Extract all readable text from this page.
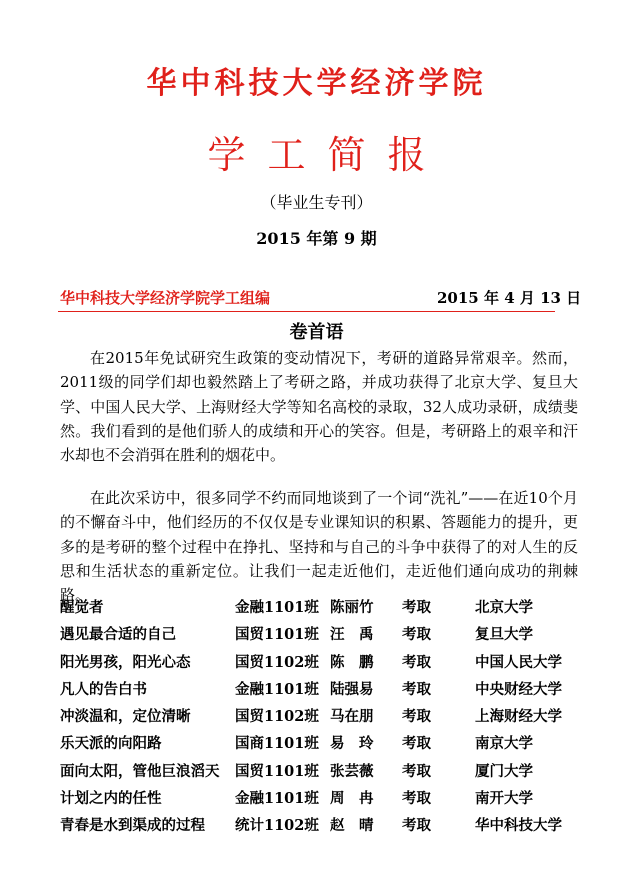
华中科技大学经济学院
学工简报
（毕业生专刊）
2015 年第 9 期
华中科技大学经济学院学工组编	2015 年 4 月 13 日
卷首语

在2015年免试研究生政策的变动情况下，考研的道路异常艰辛。然而，2011级的同学们却也毅然踏上了考研之路，并成功获得了北京大学、复旦大学、中国人民大学、上海财经大学等知名高校的录取，32人成功录研，成绩斐然。我们看到的是他们骄人的成绩和开心的笑容。但是，考研路上的艰辛和汗水却也不会消弭在胜利的烟花中。

在此次采访中，很多同学不约而同地谈到了一个词“洗礼”——在近10个月的不懈奋斗中，他们经历的不仅仅是专业课知识的积累、答题能力的提升，更多的是考研的整个过程中在挣扎、坚持和与自己的斗争中获得了的对人生的反思和生活状态的重新定位。让我们一起走近他们，走近他们通向成功的荆棘路。

醒觉者	金融1101班 陈丽竹 考取	北京大学
遇见最合适的自己	国贸1101班 汪　禹 考取	复旦大学
阳光男孩，阳光心态	国贸1102班 陈　鹏 考取	中国人民大学
凡人的告白书	金融1101班 陆强易 考取	中央财经大学
冲淡温和，定位清晰	国贸1102班 马在朋 考取	上海财经大学
乐天派的向阳路	国商1101班 易　玲 考取	南京大学
面向太阳，管他巨浪滔天 国贸1101班 张芸薇 考取	厦门大学
计划之内的任性	金融1101班 周　冉 考取	南开大学
青春是水到渠成的过程 统计1102班 赵　晴 考取	华中科技大学
